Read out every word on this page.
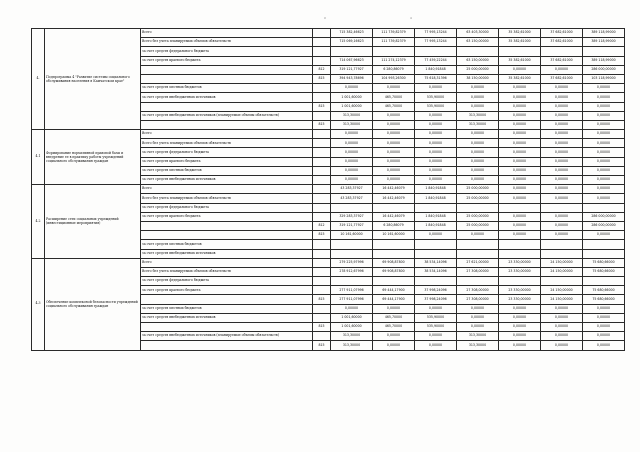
3	4
4.	Подпрограмма 4 "Развитие системы социального обслуживания населения в Камчатском крае"	Всего		715 382,46623	111 739,82379	77 995,13244	63 403,30000	35 382,61000	37 682,61000	389 118,99000
		Всего без учета планируемых объемов обязательств		715 069,16623	111 739,82379	77 995,13244	63 150,00000	35 382,61000	37 682,61000	389 118,99000
		за счет средств федерального бюджета								
		за счет средств краевого бюджета		714 067,96623	111 274,12379	77 459,22244	63 150,00000	35 382,61000	37 682,61000	389 118,99000
			812	319 121,77927	6 280,86079	1 840,91848	25 000,00000	0,00000	0,00000	286 000,00000
			815	394 943,78696	104 993,26300	75 618,31396	38 150,00000	35 382,61000	37 682,61000	103 118,99000
		за счет средств местных бюджетов		0,00000	0,00000	0,00000	0,00000	0,00000	0,00000	0,00000
		за счет средств внебюджетных источников		1 001,60000	465,70000	535,90000	0,00000	0,00000	0,00000	0,00000
			815	1 001,60000	465,70000	535,90000	0,00000	0,00000	0,00000	0,00000
		за счет средств внебюджетных источников (планируемые объемы обязательств)		313,30000	0,00000	0,00000	313,30000	0,00000	0,00000	0,00000
			815	313,30000	0,00000	0,00000	313,30000	0,00000	0,00000	0,00000
4.1	Формирование нормативной правовой базы и внедрение ее в практику работы учреждений социального обслуживания граждан	Всего		0,00000	0,00000	0,00000	0,00000	0,00000	0,00000	0,00000
		Всего без учета планируемых объемов обязательств		0,00000	0,00000	0,00000	0,00000	0,00000	0,00000	0,00000
		за счет средств федерального бюджета		0,00000	0,00000	0,00000	0,00000	0,00000	0,00000	0,00000
		за счет средств краевого бюджета		0,00000	0,00000	0,00000	0,00000	0,00000	0,00000	0,00000
		за счет средств местных бюджетов		0,00000	0,00000	0,00000	0,00000	0,00000	0,00000	0,00000
		за счет средств внебюджетных источников		0,00000	0,00000	0,00000	0,00000	0,00000	0,00000	0,00000
4.2	Расширение сети социальных учреждений (инвестиционные мероприятия)	Всего		43 283,37927	16 442,46079	1 840,91848	25 000,00000	0,00000	0,00000	0,00000
		Всего без учета планируемых объемов обязательств		43 283,37927	16 442,46079	1 840,91848	25 000,00000	0,00000	0,00000	0,00000
		за счет средств федерального бюджета								
		за счет средств краевого бюджета		329 283,37927	16 442,46079	1 840,91848	25 000,00000	0,00000	0,00000	286 000,00000
			812	319 121,77927	6 280,86079	1 840,91848	25 000,00000	0,00000	0,00000	286 000,00000
			815	10 161,60000	10 161,60000	0,00000	0,00000	0,00000	0,00000	0,00000
		за счет средств местных бюджетов								
		за счет средств внебюджетных источников								
4.3	Обеспечение комплексной безопасности учреждений социального обслуживания граждан	Всего		279 225,97996	69 908,87800	38 534,14096	27 621,00000	23 330,00000	24 150,00000	75 680,66000
		Всего без учета планируемых объемов обязательств		278 912,67996	69 908,87800	38 534,14096	27 308,00000	23 330,00000	24 150,00000	75 680,66000
		за счет средств федерального бюджета								
		за счет средств краевого бюджета		277 911,07996	69 444,17900	37 998,24096	27 308,00000	23 330,00000	24 150,00000	75 680,66000
			815	277 911,07996	69 444,17900	37 998,24096	27 308,00000	23 330,00000	24 150,00000	75 680,66000
		за счет средств местных бюджетов		0,00000	0,00000	0,00000	0,00000	0,00000	0,00000	0,00000
		за счет средств внебюджетных источников		1 001,60000	465,70000	535,90000	0,00000	0,00000	0,00000	0,00000
			815	1 001,60000	465,70000	535,90000	0,00000	0,00000	0,00000	0,00000
		за счет средств внебюджетных источников (планируемые объемы обязательств)		313,30000	0,00000	0,00000	313,30000	0,00000	0,00000	0,00000
			815	313,30000	0,00000	0,00000	313,30000	0,00000	0,00000	0,00000
